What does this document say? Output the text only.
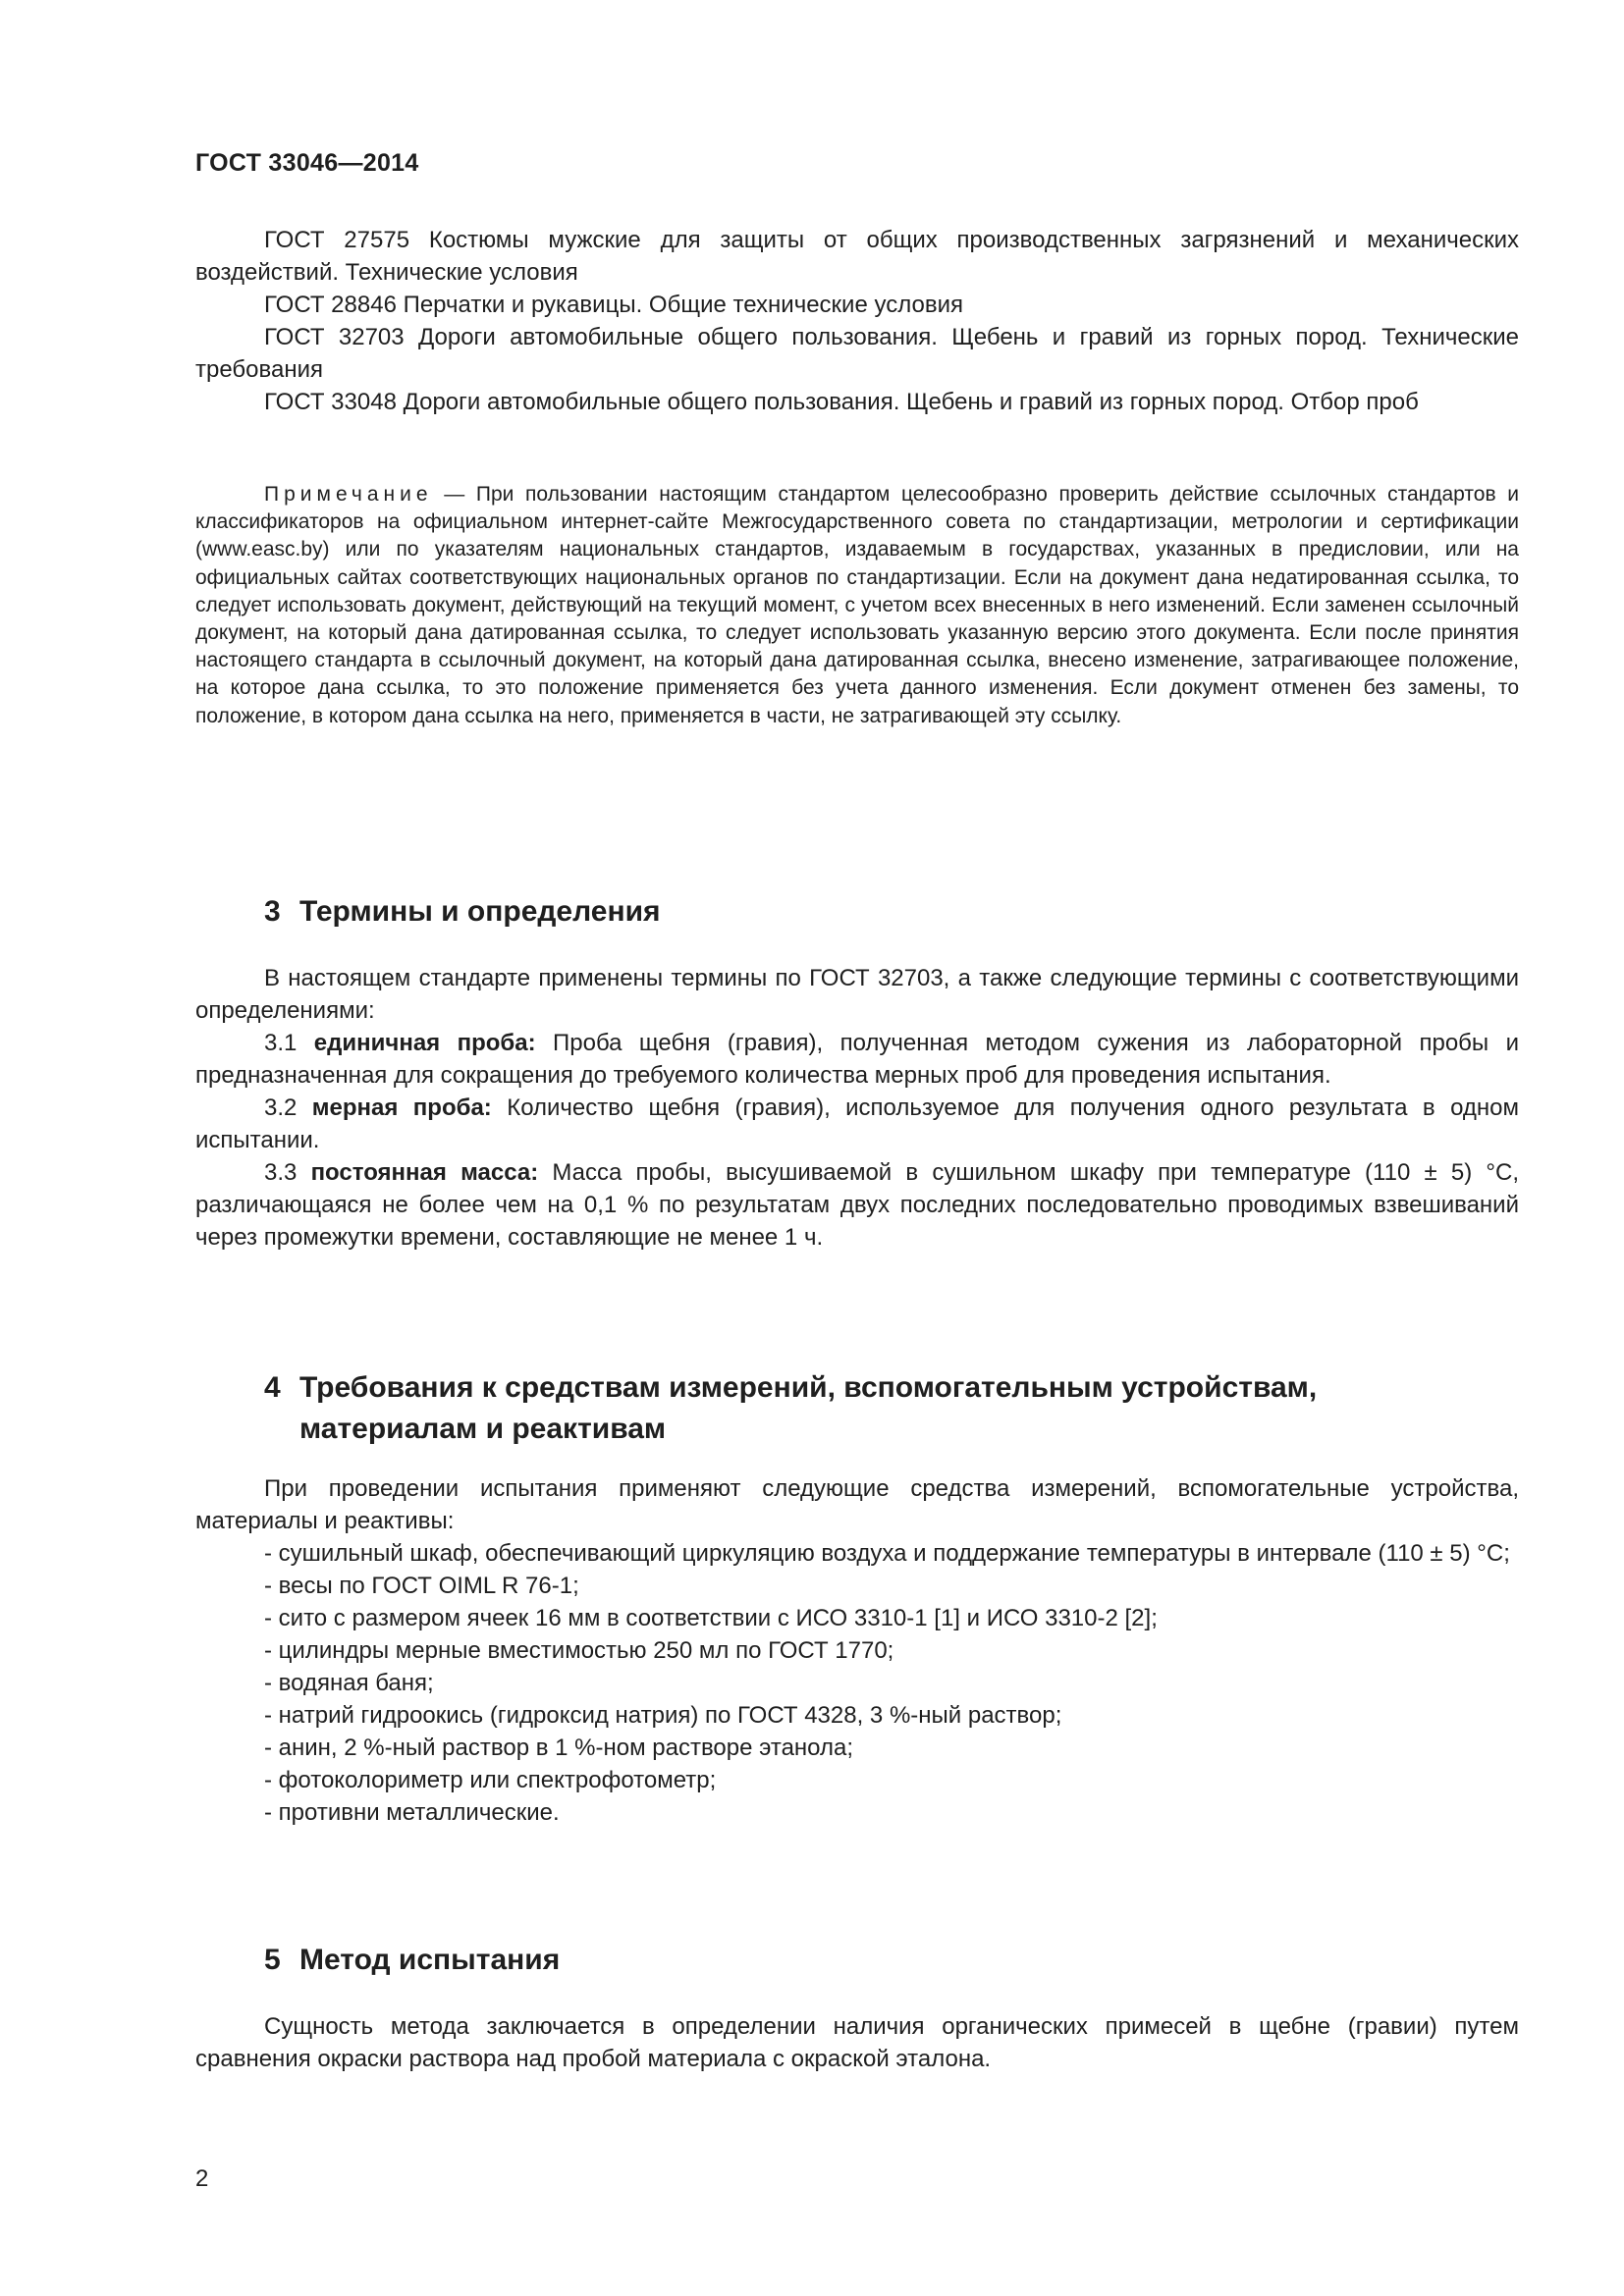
ГОСТ 33046—2014

ГОСТ 27575 Костюмы мужские для защиты от общих производственных загрязнений и механических воздействий. Технические условия

ГОСТ 28846 Перчатки и рукавицы. Общие технические условия

ГОСТ 32703 Дороги автомобильные общего пользования. Щебень и гравий из горных пород. Технические требования

ГОСТ 33048 Дороги автомобильные общего пользования. Щебень и гравий из горных пород. Отбор проб

Примечание — При пользовании настоящим стандартом целесообразно проверить действие ссылочных стандартов и классификаторов на официальном интернет-сайте Межгосударственного совета по стандартизации, метрологии и сертификации (www.easc.by) или по указателям национальных стандартов, издаваемым в государствах, указанных в предисловии, или на официальных сайтах соответствующих национальных органов по стандартизации. Если на документ дана недатированная ссылка, то следует использовать документ, действующий на текущий момент, с учетом всех внесенных в него изменений. Если заменен ссылочный документ, на который дана датированная ссылка, то следует использовать указанную версию этого документа. Если после принятия настоящего стандарта в ссылочный документ, на который дана датированная ссылка, внесено изменение, затрагивающее положение, на которое дана ссылка, то это положение применяется без учета данного изменения. Если документ отменен без замены, то положение, в котором дана ссылка на него, применяется в части, не затрагивающей эту ссылку.

3 Термины и определения

В настоящем стандарте применены термины по ГОСТ 32703, а также следующие термины с соответствующими определениями:

3.1 единичная проба: Проба щебня (гравия), полученная методом сужения из лабораторной пробы и предназначенная для сокращения до требуемого количества мерных проб для проведения испытания.

3.2 мерная проба: Количество щебня (гравия), используемое для получения одного результата в одном испытании.

3.3 постоянная масса: Масса пробы, высушиваемой в сушильном шкафу при температуре (110 ± 5) °С, различающаяся не более чем на 0,1 % по результатам двух последних последовательно проводимых взвешиваний через промежутки времени, составляющие не менее 1 ч.

4 Требования к средствам измерений, вспомогательным устройствам,
материалам и реактивам

При проведении испытания применяют следующие средства измерений, вспомогательные устройства, материалы и реактивы:

- сушильный шкаф, обеспечивающий циркуляцию воздуха и поддержание температуры в интервале (110 ± 5) °С;
- весы по ГОСТ OIML R 76-1;
- сито с размером ячеек 16 мм в соответствии с ИСО 3310-1 [1] и ИСО 3310-2 [2];
- цилиндры мерные вместимостью 250 мл по ГОСТ 1770;
- водяная баня;
- натрий гидроокись (гидроксид натрия) по ГОСТ 4328, 3 %-ный раствор;
- анин, 2 %-ный раствор в 1 %-ном растворе этанола;
- фотоколориметр или спектрофотометр;
- противни металлические.
5 Метод испытания

Сущность метода заключается в определении наличия органических примесей в щебне (гравии) путем сравнения окраски раствора над пробой материала с окраской эталона.

2
